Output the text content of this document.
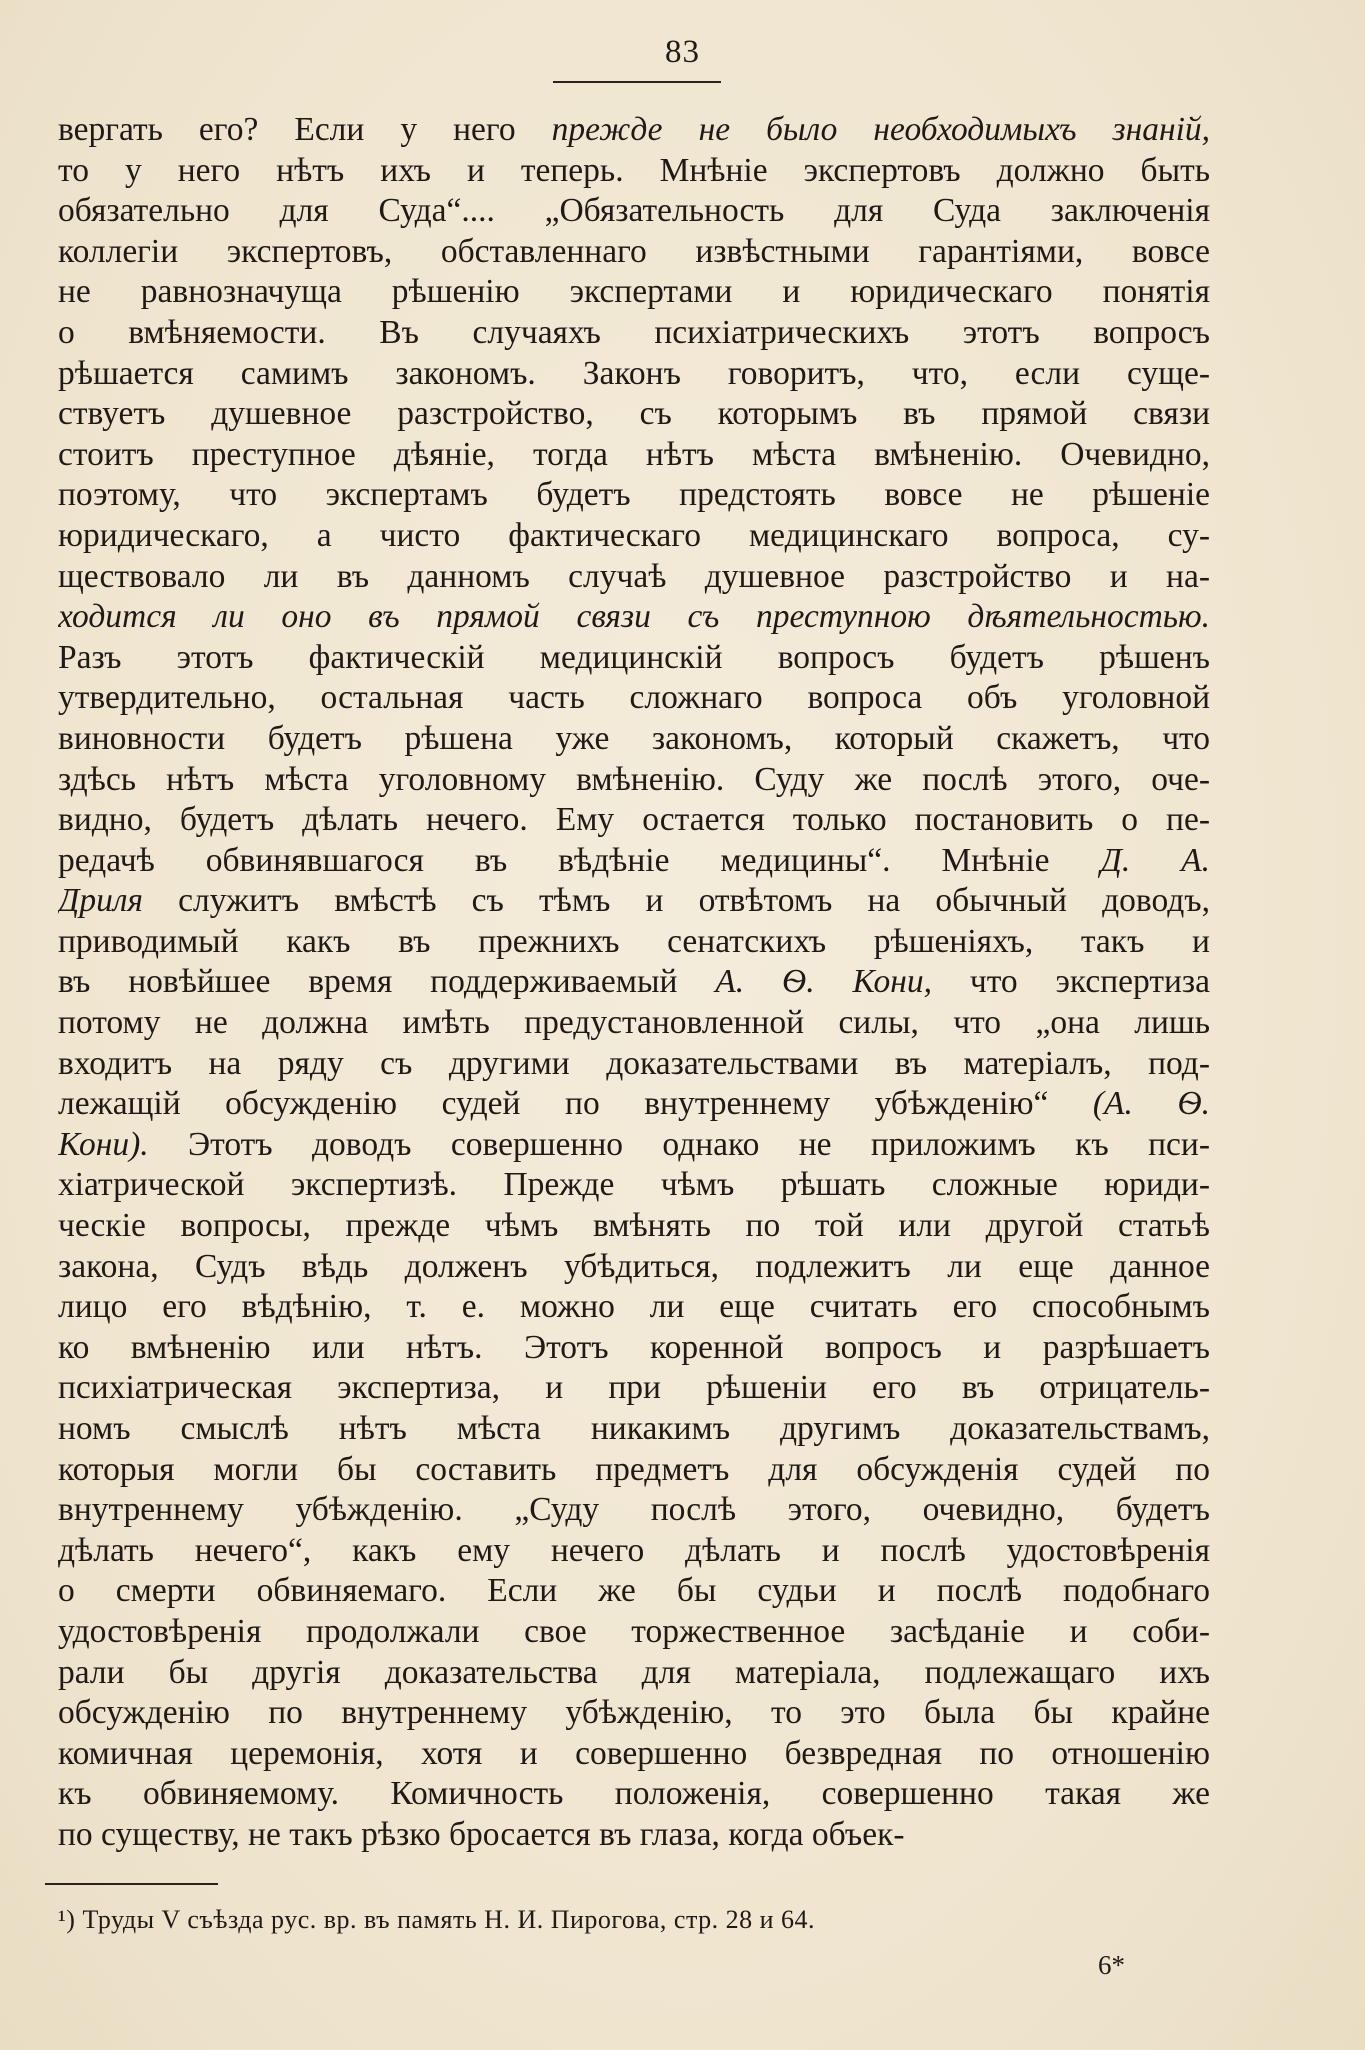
83
вергать его? Если у него прежде не было необходимыхъ знаній,
то у него нѣтъ ихъ и теперь. Мнѣніе экспертовъ должно быть
обязательно для Суда“.... „Обязательность для Суда заключенія
коллегіи экспертовъ, обставленнаго извѣстными гарантіями, вовсе
не равнозначуща рѣшенію экспертами и юридическаго понятія
о вмѣняемости. Въ случаяхъ психіатрическихъ этотъ вопросъ
рѣшается самимъ закономъ. Законъ говоритъ, что, если суще-
ствуетъ душевное разстройство, съ которымъ въ прямой связи
стоитъ преступное дѣяніе, тогда нѣтъ мѣста вмѣненію. Очевидно,
поэтому, что экспертамъ будетъ предстоять вовсе не рѣшеніе
юридическаго, а чисто фактическаго медицинскаго вопроса, су-
ществовало ли въ данномъ случаѣ душевное разстройство и на-
ходится ли оно въ прямой связи съ преступною дѣятельностью.
Разъ этотъ фактическій медицинскій вопросъ будетъ рѣшенъ
утвердительно, остальная часть сложнаго вопроса объ уголовной
виновности будетъ рѣшена уже закономъ, который скажетъ, что
здѣсь нѣтъ мѣста уголовному вмѣненію. Суду же послѣ этого, оче-
видно, будетъ дѣлать нечего. Ему остается только постановить о пе-
редачѣ обвинявшагося въ вѣдѣніе медицины“. Мнѣніе Д. А.
Дриля служитъ вмѣстѣ съ тѣмъ и отвѣтомъ на обычный доводъ,
приводимый какъ въ прежнихъ сенатскихъ рѣшеніяхъ, такъ и
въ новѣйшее время поддерживаемый А. Ѳ. Кони, что экспертиза
потому не должна имѣть предустановленной силы, что „она лишь
входитъ на ряду съ другими доказательствами въ матеріалъ, под-
лежащій обсужденію судей по внутреннему убѣжденію“ (А. Ѳ.
Кони). Этотъ доводъ совершенно однако не приложимъ къ пси-
хіатрической экспертизѣ. Прежде чѣмъ рѣшать сложные юриди-
ческіе вопросы, прежде чѣмъ вмѣнять по той или другой статьѣ
закона, Судъ вѣдь долженъ убѣдиться, подлежитъ ли еще данное
лицо его вѣдѣнію, т. е. можно ли еще считать его способнымъ
ко вмѣненію или нѣтъ. Этотъ коренной вопросъ и разрѣшаетъ
психіатрическая экспертиза, и при рѣшеніи его въ отрицатель-
номъ смыслѣ нѣтъ мѣста никакимъ другимъ доказательствамъ,
которыя могли бы составить предметъ для обсужденія судей по
внутреннему убѣжденію. „Суду послѣ этого, очевидно, будетъ
дѣлать нечего“, какъ ему нечего дѣлать и послѣ удостовѣренія
о смерти обвиняемаго. Если же бы судьи и послѣ подобнаго
удостовѣренія продолжали свое торжественное засѣданіе и соби-
рали бы другія доказательства для матеріала, подлежащаго ихъ
обсужденію по внутреннему убѣжденію, то это была бы крайне
комичная церемонія, хотя и совершенно безвредная по отношенію
къ обвиняемому. Комичность положенія, совершенно такая же
по существу, не такъ рѣзко бросается въ глаза, когда объек-
¹) Труды V съѣзда рус. вр. въ память Н. И. Пирогова, стр. 28 и 64.
6*
